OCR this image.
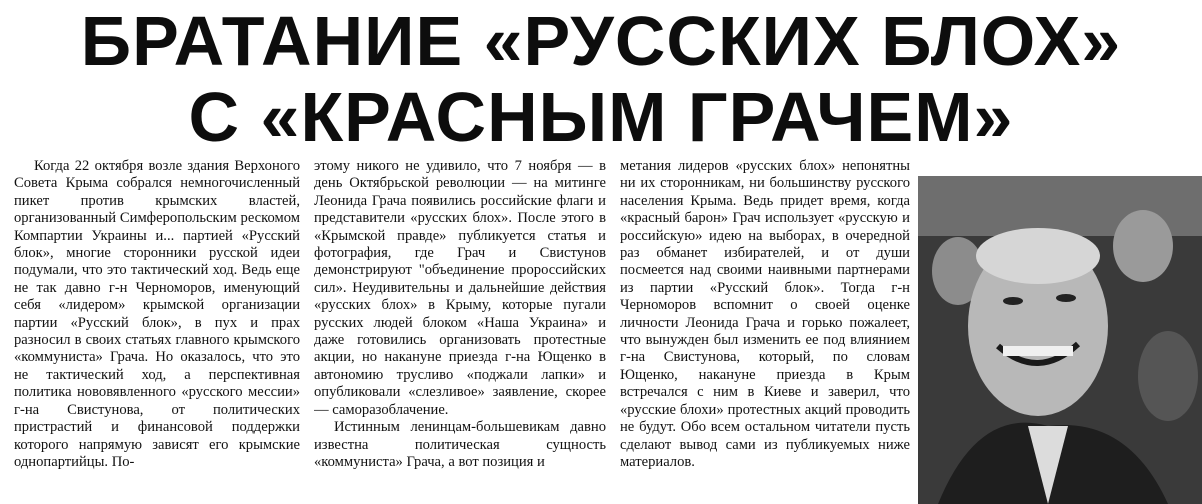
БРАТАНИЕ «РУССКИХ БЛОХ»
С «КРАСНЫМ ГРАЧЕМ»

Когда 22 октября возле здания Верхоного Совета Крыма собрался немногочисленный пикет против крымских властей, организованный Симферопольским рескомом Компартии Украины и... партией «Русский блок», многие сторонники русской идеи подумали, что это тактический ход. Ведь еще не так давно г-н Черноморов, именующий себя «лидером» крымской организации партии «Русский блок», в пух и прах разносил в своих статьях главного крымского «коммуниста» Грача. Но оказалось, что это не тактический ход, а перспективная политика нововявленного «русского мессии» г-на Свистунова, от политических пристрастий и финансовой поддержки которого напрямую зависят его крымские однопартийцы. По-

этому никого не удивило, что 7 ноября — в день Октябрьской революции — на митинге Леонида Грача появились российские флаги и представители «русских блох». После этого в «Крымской правде» публикуется статья и фотография, где Грач и Свистунов демонстрируют "объединение пророссийских сил». Неудивительны и дальнейшие действия «русских блох» в Крыму, которые пугали русских людей блоком «Наша Украина» и даже готовились организовать протестные акции, но накануне приезда г-на Ющенко в автономию трусливо «поджали лапки» и опубликовали «слезливое» заявление, скорее — саморазоблачение.

Истинным ленинцам-большевикам давно известна политическая сущность «коммуниста» Грача, а вот позиция и

метания лидеров «русских блох» непонятны ни их сторонникам, ни большинству русского населения Крыма. Ведь придет время, когда «красный барон» Грач использует «русскую и российскую» идею на выборах, в очередной раз обманет избирателей, и от души посмеется над своими наивными партнерами из партии «Русский блок». Тогда г-н Черноморов вспомнит о своей оценке личности Леонида Грача и горько пожалеет, что вынужден был изменить ее под влиянием г-на Свистунова, который, по словам Ющенко, накануне приезда в Крым встречался с ним в Киеве и заверил, что «русские блохи» протестных акций проводить не будут. Обо всем остальном читатели пусть сделают вывод сами из публикуемых ниже материалов.
